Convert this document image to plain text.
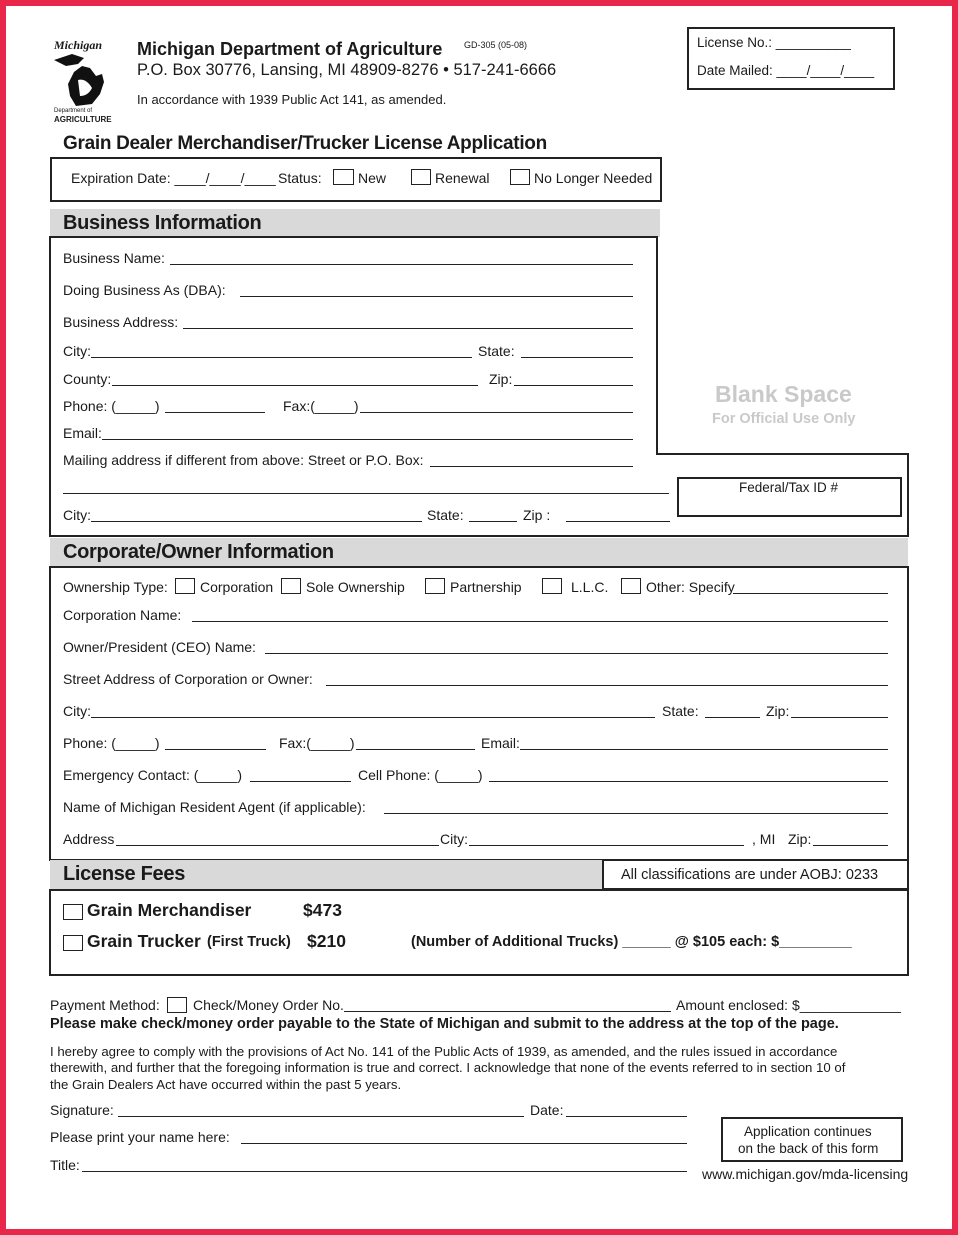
Michigan
Department of
AGRICULTURE
Michigan Department of Agriculture GD-305 (05-08)
P.O. Box 30776, Lansing, MI 48909-8276 • 517-241-6666
In accordance with 1939 Public Act 141, as amended.
License No.: __________
Date Mailed: ____/____/____
Grain Dealer Merchandiser/Trucker License Application
Expiration Date: ____/____/____ Status:	New	Renewal	No Longer Needed
Business Information
Business Name:
Doing Business As (DBA):
Business Address:
City:	State:
County:	Zip:
Phone: (_____)	Fax:(_____)
Email:
Mailing address if different from above: Street or P.O. Box:
City:	State:	Zip :
Blank Space
For Official Use Only
Federal/Tax ID #
Corporate/Owner Information
Ownership Type: Corporation Sole Ownership	Partnership	L.L.C.	Other: Specify
Corporation Name:
Owner/President (CEO) Name:
Street Address of Corporation or Owner:
City:	State:	Zip:
Phone: (_____)	Fax:(_____)	Email:
Emergency Contact: (_____)	Cell Phone: (_____)
Name of Michigan Resident Agent (if applicable):
Address	City:	, MI Zip:
License Fees	All classifications are under AOBJ: 0233
Grain Merchandiser	$473
Grain Trucker (First Truck) $210	(Number of Additional Trucks) ______ @ $105 each: $_________
Payment Method: Check/Money Order No.	Amount enclosed: $_____________
Please make check/money order payable to the State of Michigan and submit to the address at the top of the page.
I hereby agree to comply with the provisions of Act No. 141 of the Public Acts of 1939, as amended, and the rules issued in accordance
therewith, and further that the foregoing information is true and correct. I acknowledge that none of the events referred to in section 10 of
the Grain Dealers Act have occurred within the past 5 years.
Signature:	Date:
Please print your name here:
Title:
Application continues
on the back of this form
www.michigan.gov/mda-licensing
